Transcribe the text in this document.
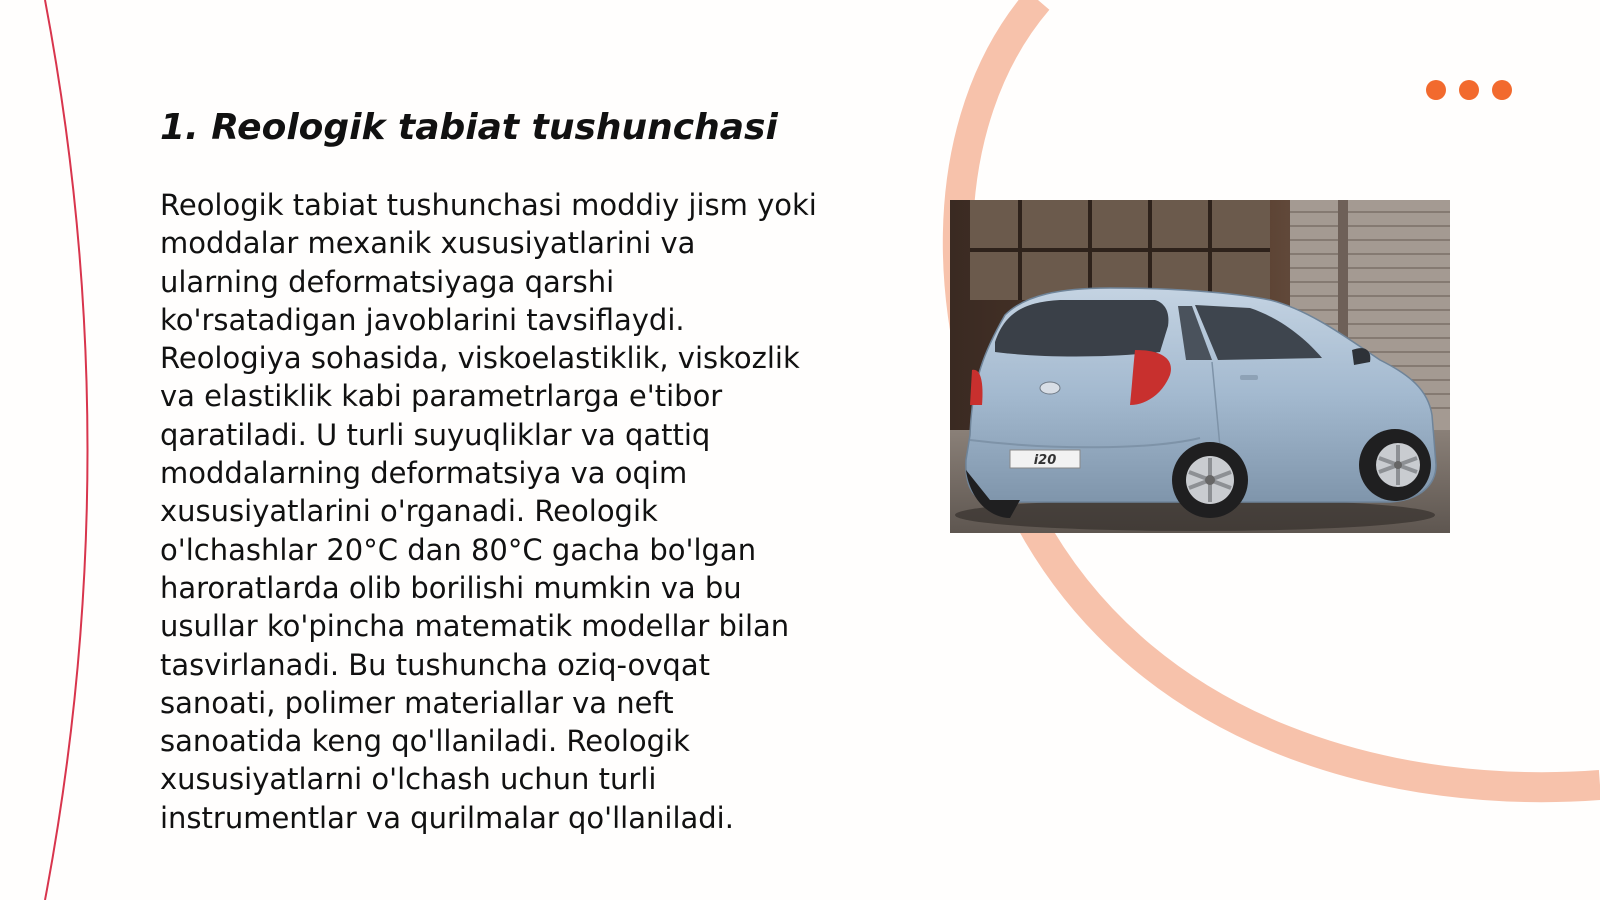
1. Reologik tabiat tushunchasi
Reologik tabiat tushunchasi moddiy jism yoki
moddalar mexanik xususiyatlarini va
ularning deformatsiyaga qarshi
ko'rsatadigan javoblarini tavsiflaydi.
Reologiya sohasida, viskoelastiklik, viskozlik
va elastiklik kabi parametrlarga e'tibor
qaratiladi. U turli suyuqliklar va qattiq
moddalarning deformatsiya va oqim
xususiyatlarini o'rganadi. Reologik
o'lchashlar 20°C dan 80°C gacha bo'lgan
haroratlarda olib borilishi mumkin va bu
usullar ko'pincha matematik modellar bilan
tasvirlanadi. Bu tushuncha oziq-ovqat
sanoati, polimer materiallar va neft
sanoatida keng qo'llaniladi. Reologik
xususiyatlarni o'lchash uchun turli
instrumentlar va qurilmalar qo'llaniladi.
i20
